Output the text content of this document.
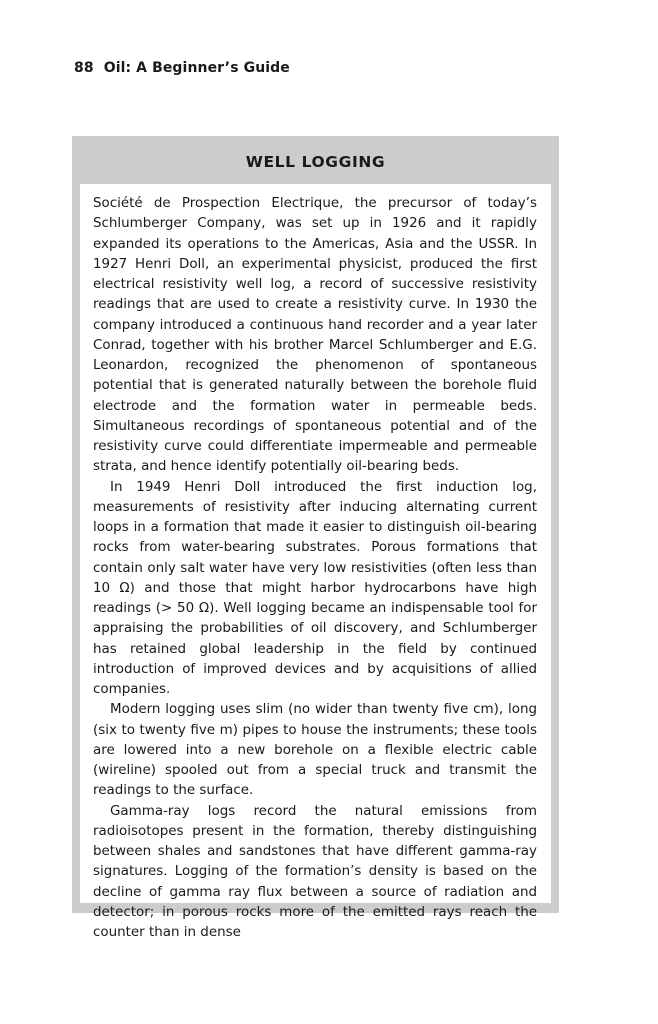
88 Oil: A Beginner’s Guide
WELL LOGGING

Société de Prospection Electrique, the precursor of today’s Schlumberger Company, was set up in 1926 and it rapidly expanded its operations to the Americas, Asia and the USSR. In 1927 Henri Doll, an experimental physicist, produced the first electrical resistivity well log, a record of successive resistivity readings that are used to create a resistivity curve. In 1930 the company introduced a continuous hand recorder and a year later Conrad, together with his brother Marcel Schlumberger and E.G. Leonardon, recognized the phenomenon of spontaneous potential that is generated naturally between the borehole fluid electrode and the formation water in permeable beds. Simultaneous recordings of spontaneous potential and of the resistivity curve could differentiate impermeable and permeable strata, and hence identify potentially oil-bearing beds.

In 1949 Henri Doll introduced the first induction log, measurements of resistivity after inducing alternating current loops in a formation that made it easier to distinguish oil-bearing rocks from water-bearing substrates. Porous formations that contain only salt water have very low resistivities (often less than 10 Ω) and those that might harbor hydrocarbons have high readings (> 50 Ω). Well logging became an indispensable tool for appraising the probabilities of oil discovery, and Schlumberger has retained global leadership in the field by continued introduction of improved devices and by acquisitions of allied companies.

Modern logging uses slim (no wider than twenty five cm), long (six to twenty five m) pipes to house the instruments; these tools are lowered into a new borehole on a flexible electric cable (wireline) spooled out from a special truck and transmit the readings to the surface.

Gamma-ray logs record the natural emissions from radioisotopes present in the formation, thereby distinguishing between shales and sandstones that have different gamma-ray signatures. Logging of the formation’s density is based on the decline of gamma ray flux between a source of radiation and detector; in porous rocks more of the emitted rays reach the counter than in dense
